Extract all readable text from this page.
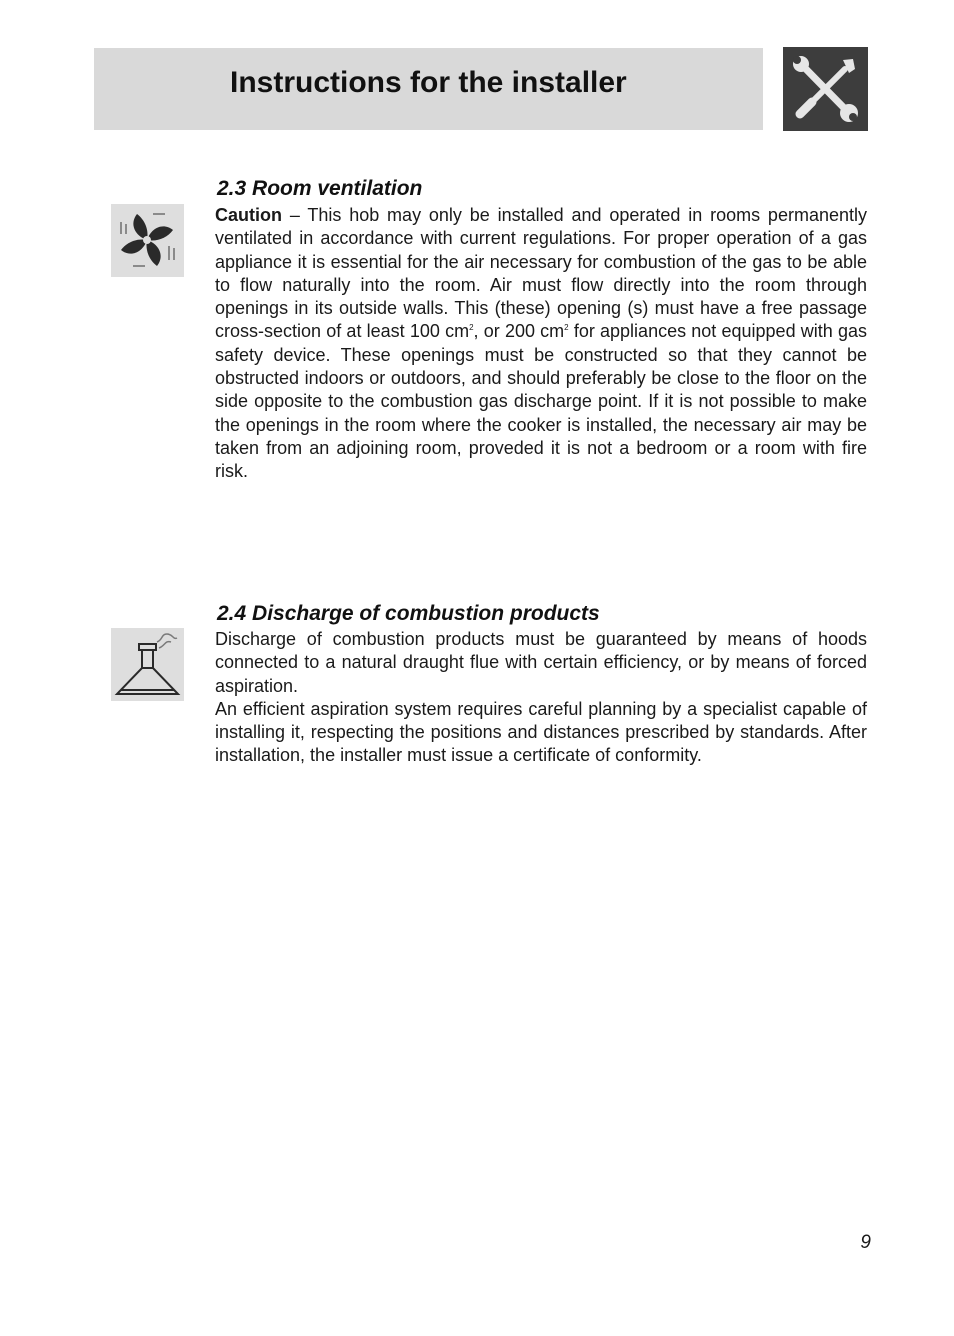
Instructions for the installer
2.3 Room ventilation

Caution – This hob may only be installed and operated in rooms permanently ventilated in accordance with current regulations. For proper operation of a gas appliance it is essential for the air necessary for combustion of the gas to be able to flow naturally into the room. Air must flow directly into the room through openings in its outside walls. This (these) opening (s) must have a free passage cross-section of at least 100 $cm^2$, or 200 $cm^2$ for appliances not equipped with gas safety device. These openings must be constructed so that they cannot be obstructed indoors or outdoors, and should preferably be close to the floor on the side opposite to the combustion gas discharge point. If it is not possible to make the openings in the room where the cooker is installed, the necessary air may be taken from an adjoining room, proveded it is not a bedroom or a room with fire risk.

2.4 Discharge of combustion products

Discharge of combustion products must be guaranteed by means of hoods connected to a natural draught flue with certain efficiency, or by means of forced aspiration.

An efficient aspiration system requires careful planning by a specialist capable of installing it, respecting the positions and distances prescribed by standards. After installation, the installer must issue a certificate of conformity.

9
